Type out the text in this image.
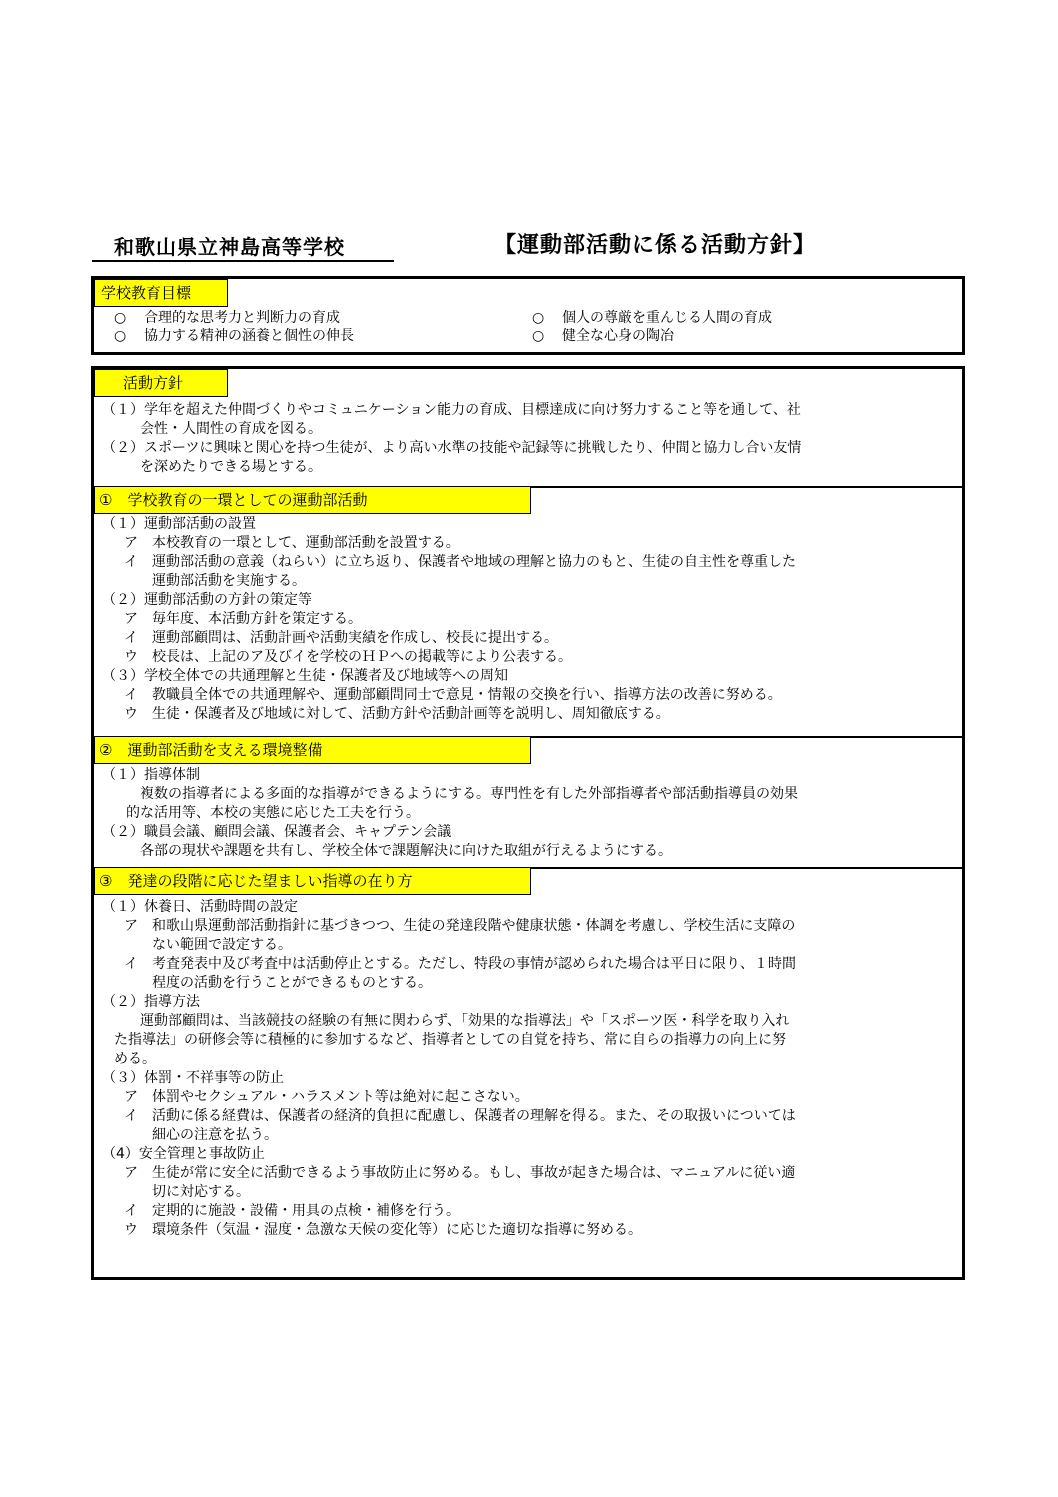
和歌山県立神島高等学校	【運動部活動に係る活動方針】
学校教育目標
○ 合理的な思考力と判断力の育成	○ 個人の尊厳を重んじる人間の育成
○ 協力する精神の涵養と個性の伸長	○ 健全な心身の陶冶
活動方針
（１）学年を超えた仲間づくりやコミュニケーション能力の育成、目標達成に向け努力すること等を通して、社
会性・人間性の育成を図る。
（２）スポーツに興味と関心を持つ生徒が、より高い水準の技能や記録等に挑戦したり、仲間と協力し合い友情
を深めたりできる場とする。
①　学校教育の一環としての運動部活動
（１）運動部活動の設置
ア　本校教育の一環として、運動部活動を設置する。
イ　運動部活動の意義（ねらい）に立ち返り、保護者や地域の理解と協力のもと、生徒の自主性を尊重した
運動部活動を実施する。
（２）運動部活動の方針の策定等
ア　毎年度、本活動方針を策定する。
イ　運動部顧問は、活動計画や活動実績を作成し、校長に提出する。
ウ　校長は、上記のア及びイを学校のＨＰへの掲載等により公表する。
（３）学校全体での共通理解と生徒・保護者及び地域等への周知
イ　教職員全体での共通理解や、運動部顧問同士で意見・情報の交換を行い、指導方法の改善に努める。
ウ　生徒・保護者及び地域に対して、活動方針や活動計画等を説明し、周知徹底する。
②　運動部活動を支える環境整備
（１）指導体制
複数の指導者による多面的な指導ができるようにする。専門性を有した外部指導者や部活動指導員の効果
的な活用等、本校の実態に応じた工夫を行う。
（２）職員会議、顧問会議、保護者会、キャプテン会議
各部の現状や課題を共有し、学校全体で課題解決に向けた取組が行えるようにする。
③　発達の段階に応じた望ましい指導の在り方
（１）休養日、活動時間の設定
ア　和歌山県運動部活動指針に基づきつつ、生徒の発達段階や健康状態・体調を考慮し、学校生活に支障の
ない範囲で設定する。
イ　考査発表中及び考査中は活動停止とする。ただし、特段の事情が認められた場合は平日に限り、１時間
程度の活動を行うことができるものとする。
（２）指導方法
運動部顧問は、当該競技の経験の有無に関わらず、「効果的な指導法」や「スポーツ医・科学を取り入れ
た指導法」の研修会等に積極的に参加するなど、指導者としての自覚を持ち、常に自らの指導力の向上に努
める。
（３）体罰・不祥事等の防止
ア　体罰やセクシュアル・ハラスメント等は絶対に起こさない。
イ　活動に係る経費は、保護者の経済的負担に配慮し、保護者の理解を得る。また、その取扱いについては
細心の注意を払う。
（4）安全管理と事故防止
ア　生徒が常に安全に活動できるよう事故防止に努める。もし、事故が起きた場合は、マニュアルに従い適
切に対応する。
イ　定期的に施設・設備・用具の点検・補修を行う。
ウ　環境条件（気温・湿度・急激な天候の変化等）に応じた適切な指導に努める。
